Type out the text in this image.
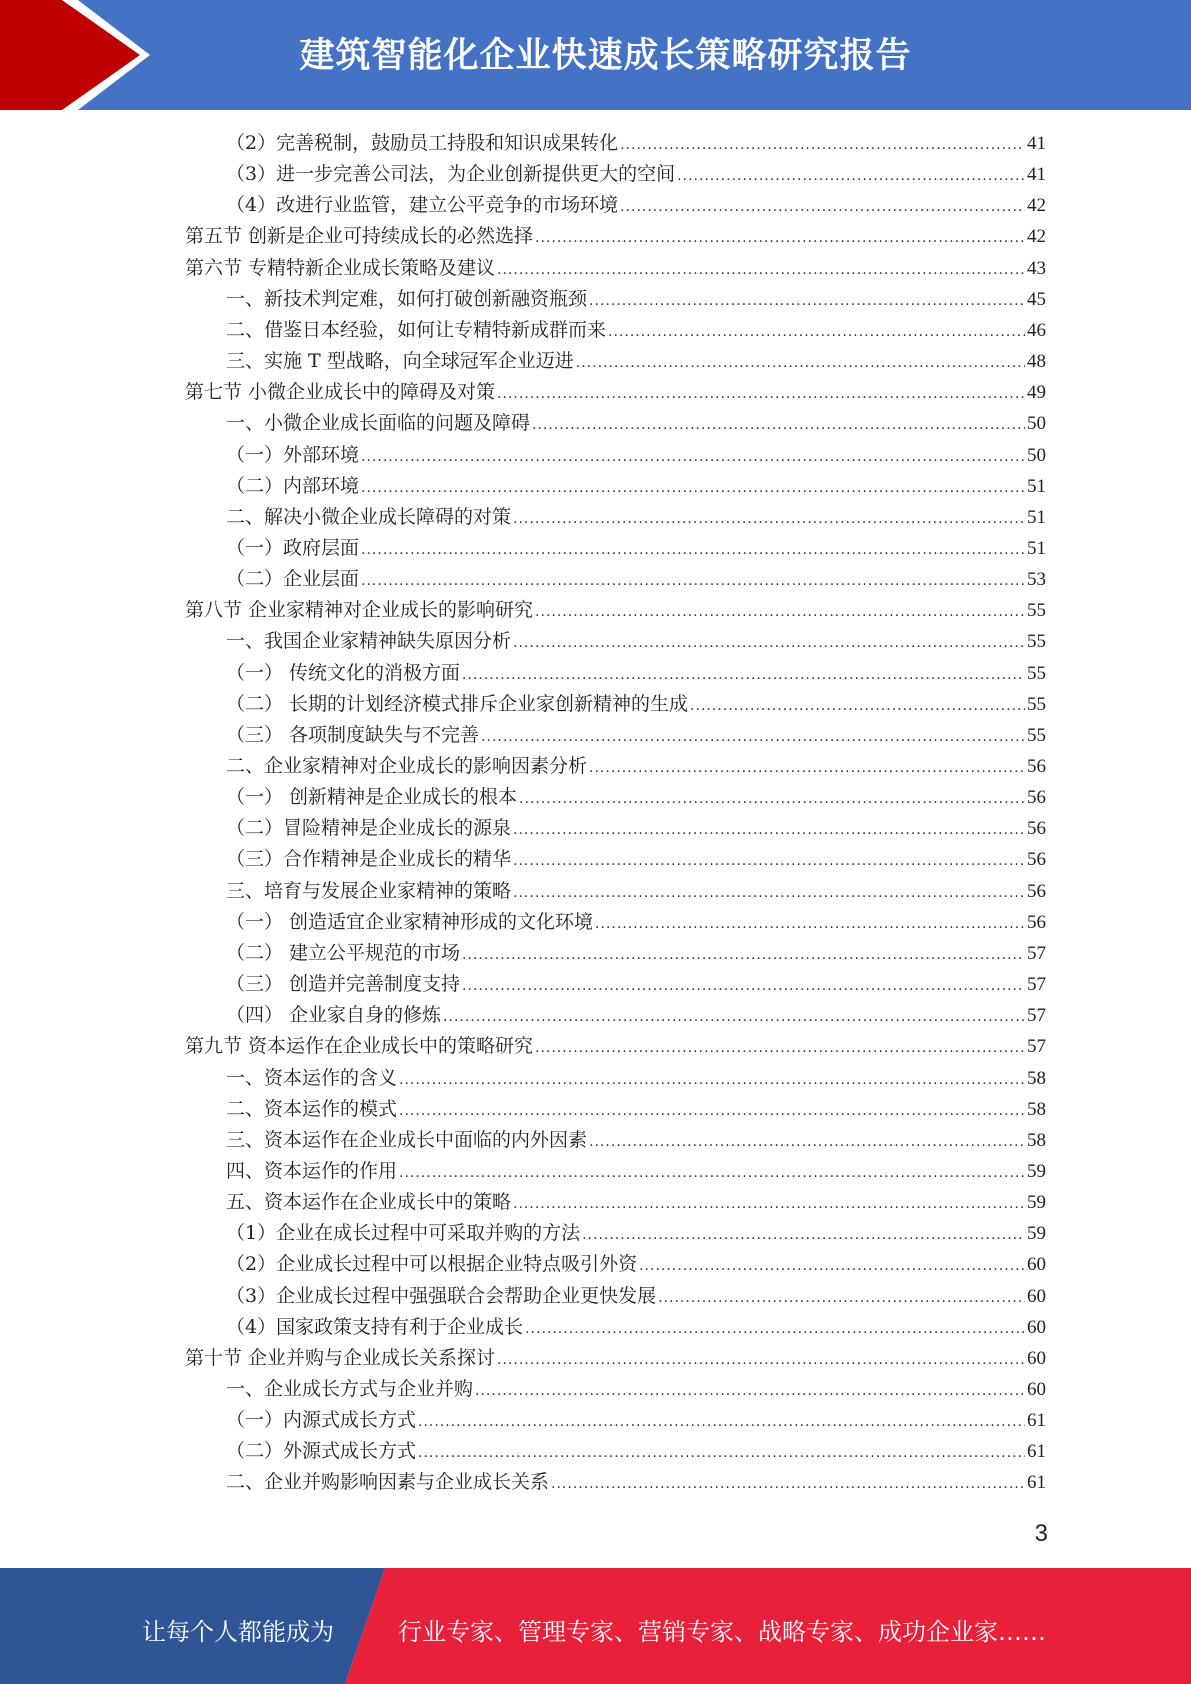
建筑智能化企业快速成长策略研究报告
（2）完善税制，鼓励员工持股和知识成果转化 .....	41
（3）进一步完善公司法，为企业创新提供更大的空间 .....	41
（4）改进行业监管，建立公平竞争的市场环境 .....	42
第五节 创新是企业可持续成长的必然选择 .....	42
第六节 专精特新企业成长策略及建议 .....	43
一、新技术判定难，如何打破创新融资瓶颈 .....	45
二、借鉴日本经验，如何让专精特新成群而来 .....	46
三、实施 T 型战略，向全球冠军企业迈进 .....	48
第七节 小微企业成长中的障碍及对策 .....	49
一、小微企业成长面临的问题及障碍 .....	50
（一）外部环境 .....	50
（二）内部环境 .....	51
二、解决小微企业成长障碍的对策 .....	51
（一）政府层面 .....	51
（二）企业层面 .....	53
第八节 企业家精神对企业成长的影响研究 .....	55
一、我国企业家精神缺失原因分析 .....	55
（一） 传统文化的消极方面 .....	55
（二） 长期的计划经济模式排斥企业家创新精神的生成 .....	55
（三） 各项制度缺失与不完善 .....	55
二、企业家精神对企业成长的影响因素分析 .....	56
（一） 创新精神是企业成长的根本 .....	56
（二）冒险精神是企业成长的源泉 .....	56
（三）合作精神是企业成长的精华 .....	56
三、培育与发展企业家精神的策略 .....	56
（一） 创造适宜企业家精神形成的文化环境 .....	56
（二） 建立公平规范的市场 .....	57
（三） 创造并完善制度支持 .....	57
（四） 企业家自身的修炼 .....	57
第九节 资本运作在企业成长中的策略研究 .....	57
一、资本运作的含义 .....	58
二、资本运作的模式 .....	58
三、资本运作在企业成长中面临的内外因素 .....	58
四、资本运作的作用 .....	59
五、资本运作在企业成长中的策略 .....	59
（1）企业在成长过程中可采取并购的方法 .....	59
（2）企业成长过程中可以根据企业特点吸引外资 .....	60
（3）企业成长过程中强强联合会帮助企业更快发展 .....	60
（4）国家政策支持有利于企业成长 .....	60
第十节 企业并购与企业成长关系探讨 .....	60
一、企业成长方式与企业并购 .....	60
（一）内源式成长方式 .....	61
（二）外源式成长方式 .....	61
二、企业并购影响因素与企业成长关系 .....	61
3
让每个人都能成为	行业专家、管理专家、营销专家、战略专家、成功企业家……
